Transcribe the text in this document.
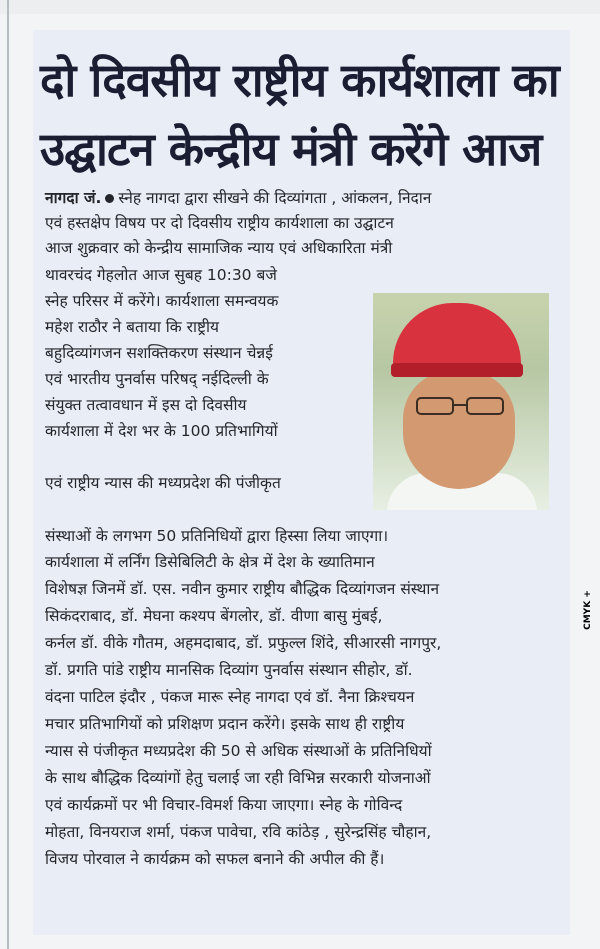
दो दिवसीय राष्ट्रीय कार्यशाला का
उद्घाटन केन्द्रीय मंत्री करेंगे आज
नागदा जं. स्नेह नागदा द्वारा सीखने की दिव्यांगता , आंकलन, निदान
एवं हस्तक्षेप विषय पर दो दिवसीय राष्ट्रीय कार्यशाला का उद्घाटन
आज शुक्रवार को केन्द्रीय सामाजिक न्याय एवं अधिकारिता मंत्री
थावरचंद गेहलोत आज सुबह 10:30 बजे
स्नेह परिसर में करेंगे। कार्यशाला समन्वयक
महेश राठौर ने बताया कि राष्ट्रीय
बहुदिव्यांगजन सशक्तिकरण संस्थान चेन्नई
एवं भारतीय पुनर्वास परिषद् नईदिल्ली के
संयुक्त तत्वावधान में इस दो दिवसीय
कार्यशाला में देश भर के 100 प्रतिभागियों
एवं राष्ट्रीय न्यास की मध्यप्रदेश की पंजीकृत
संस्थाओं के लगभग 50 प्रतिनिधियों द्वारा हिस्सा लिया जाएगा।
कार्यशाला में लर्निंग डिसेबिलिटी के क्षेत्र में देश के ख्यातिमान
विशेषज्ञ जिनमें डॉ. एस. नवीन कुमार राष्ट्रीय बौद्धिक दिव्यांगजन संस्थान
सिकंदराबाद, डॉ. मेघना कश्यप बेंगलोर, डॉ. वीणा बासु मुंबई,
कर्नल डॉ. वीके गौतम, अहमदाबाद, डॉ. प्रफुल्ल शिंदे, सीआरसी नागपुर,
डॉ. प्रगति पांडे राष्ट्रीय मानसिक दिव्यांग पुनर्वास संस्थान सीहोर, डॉ.
वंदना पाटिल इंदौर , पंकज मारू स्नेह नागदा एवं डॉ. नैना क्रिश्चयन
मचार प्रतिभागियों को प्रशिक्षण प्रदान करेंगे। इसके साथ ही राष्ट्रीय
न्यास से पंजीकृत मध्यप्रदेश की 50 से अधिक संस्थाओं के प्रतिनिधियों
के साथ बौद्धिक दिव्यांगों हेतु चलाई जा रही विभिन्न सरकारी योजनाओं
एवं कार्यक्रमों पर भी विचार-विमर्श किया जाएगा। स्नेह के गोविन्द
मोहता, विनयराज शर्मा, पंकज पावेचा, रवि कांठेड़ , सुरेन्द्रसिंह चौहान,
विजय पोरवाल ने कार्यक्रम को सफल बनाने की अपील की हैं।
CMYK +
